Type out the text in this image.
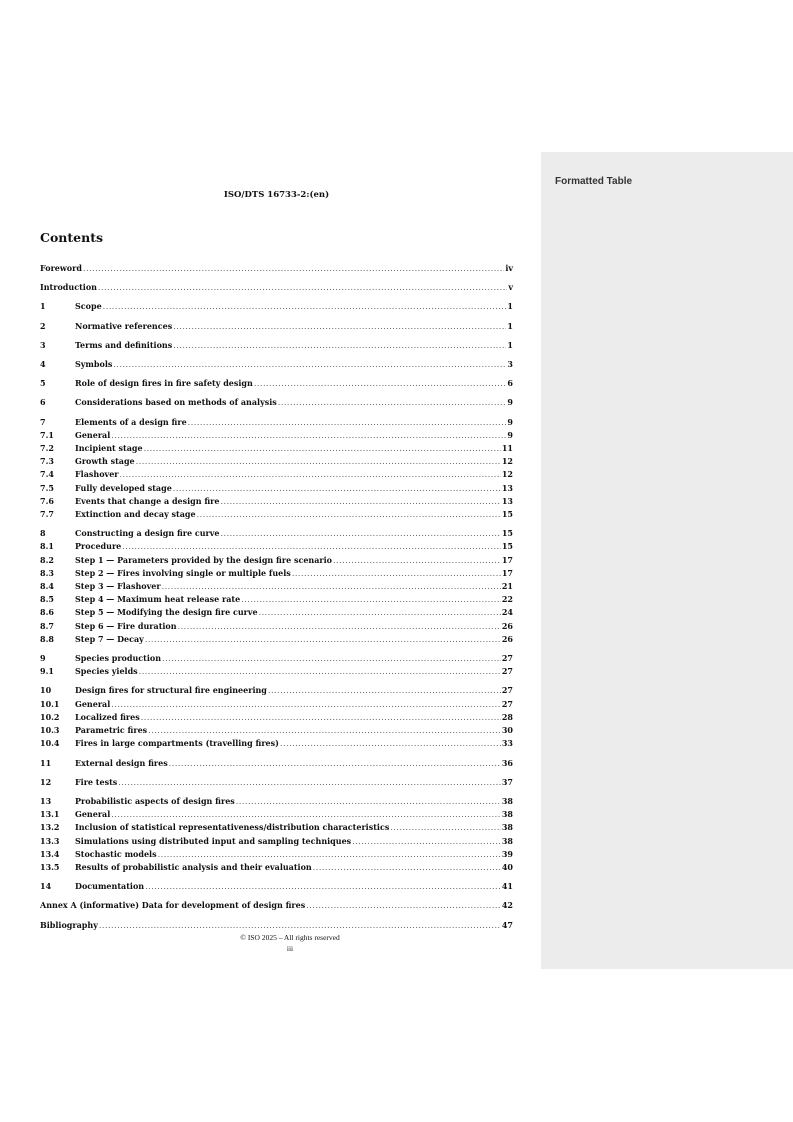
Formatted Table
ISO/DTS 16733-2:(en)
Contents
Foreword .....	iv
Introduction .....	v
1	Scope .....	1
2	Normative references .....	1
3	Terms and definitions .....	1
4	Symbols .....	3
5	Role of design fires in fire safety design .....	6
6	Considerations based on methods of analysis .....	9
7	Elements of a design fire .....	9
7.1	General .....	9
7.2	Incipient stage .....	11
7.3	Growth stage .....	12
7.4	Flashover .....	12
7.5	Fully developed stage .....	13
7.6	Events that change a design fire .....	13
7.7	Extinction and decay stage .....	15
8	Constructing a design fire curve .....	15
8.1	Procedure .....	15
8.2	Step 1 — Parameters provided by the design fire scenario .....	17
8.3	Step 2 — Fires involving single or multiple fuels .....	17
8.4	Step 3 — Flashover .....	21
8.5	Step 4 — Maximum heat release rate .....	22
8.6	Step 5 — Modifying the design fire curve .....	24
8.7	Step 6 — Fire duration .....	26
8.8	Step 7 — Decay .....	26
9	Species production .....	27
9.1	Species yields .....	27
10	Design fires for structural fire engineering .....	27
10.1	General .....	27
10.2	Localized fires .....	28
10.3	Parametric fires .....	30
10.4	Fires in large compartments (travelling fires) .....	33
11	External design fires .....	36
12	Fire tests .....	37
13	Probabilistic aspects of design fires .....	38
13.1	General .....	38
13.2	Inclusion of statistical representativeness/distribution characteristics .....	38
13.3	Simulations using distributed input and sampling techniques .....	38
13.4	Stochastic models .....	39
13.5	Results of probabilistic analysis and their evaluation .....	40
14	Documentation .....	41
Annex A (informative) Data for development of design fires .....	42
Bibliography .....	47
© ISO 2025 – All rights reserved
iii
